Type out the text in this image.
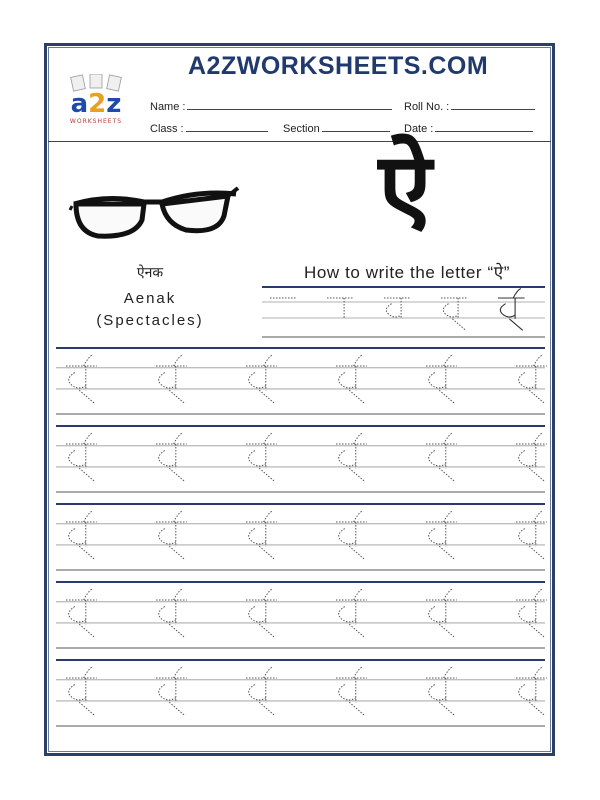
A2ZWORKSHEETS.COM
a2z
WORKSHEETS
Name :	Roll No. :
Class :	Section	Date :
ऐनक
Aenak
(Spectacles)
ऐ
How to write the letter “ऐ”
